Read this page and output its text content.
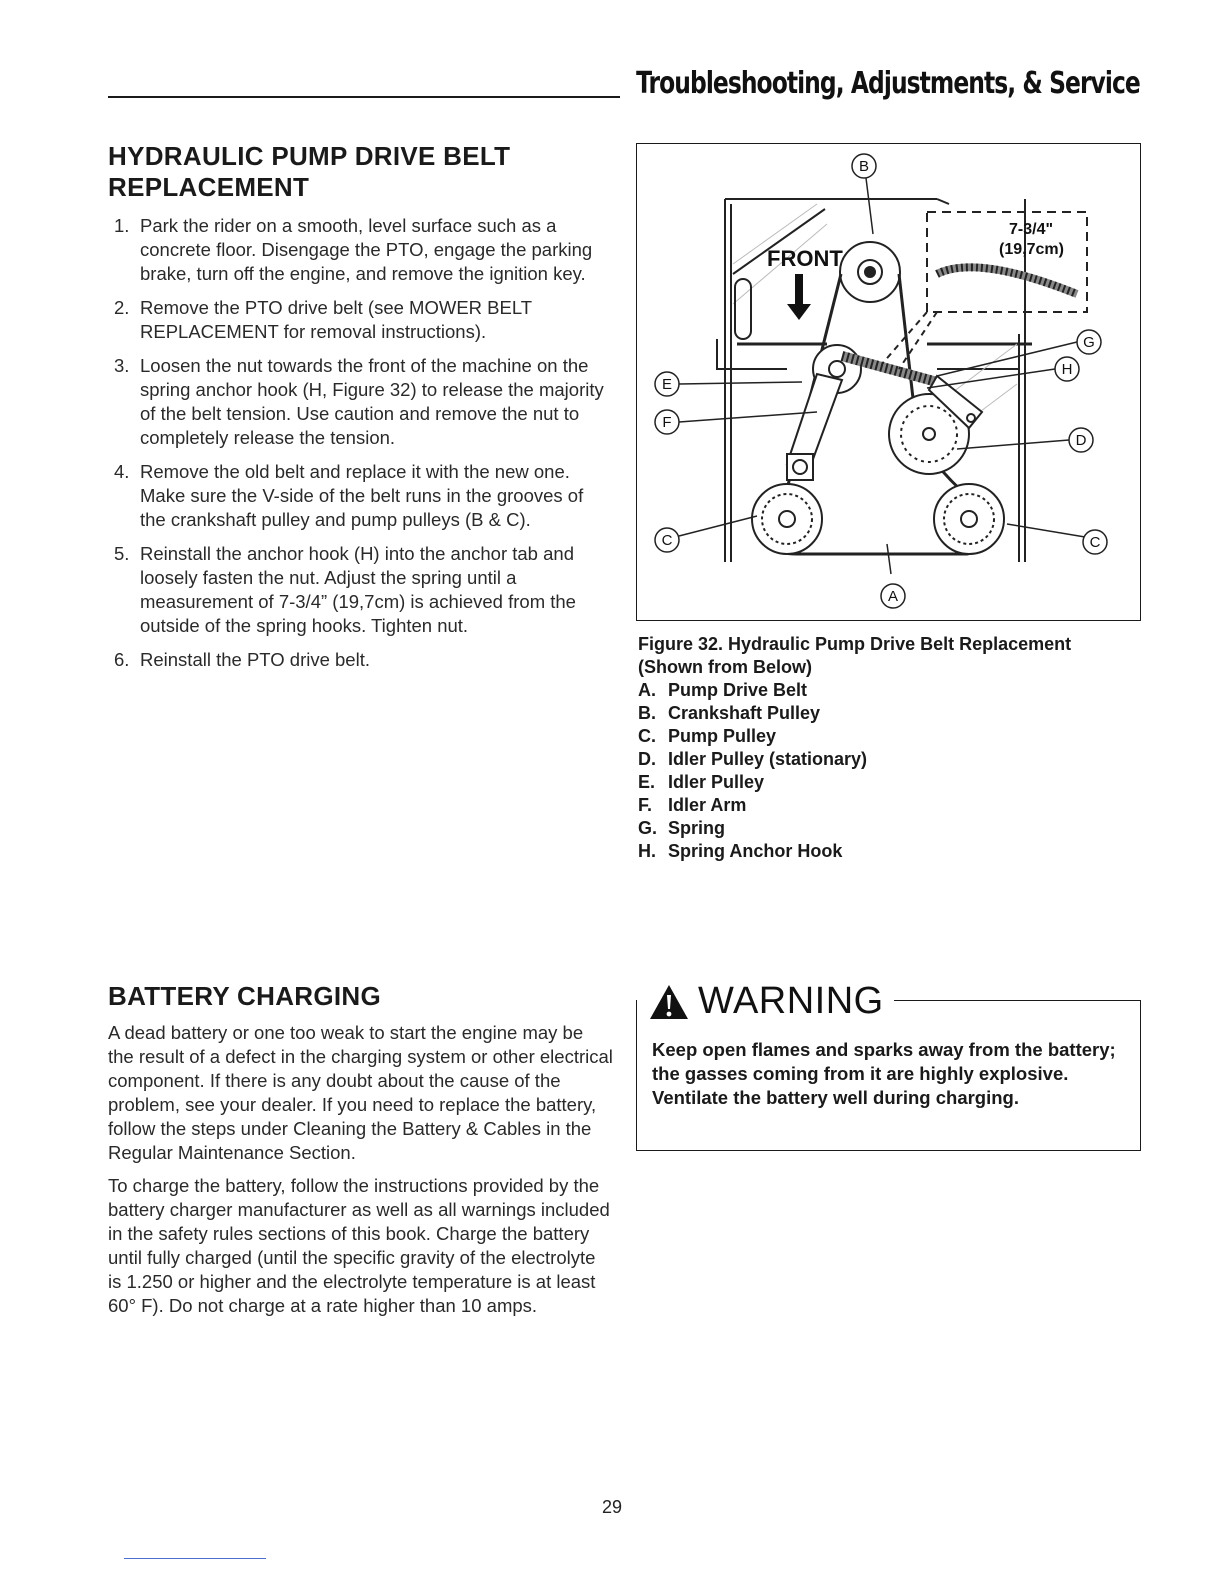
Troubleshooting, Adjustments, & Service
HYDRAULIC PUMP DRIVE BELT REPLACEMENT
1. Park the rider on a smooth, level surface such as a concrete floor. Disengage the PTO, engage the parking brake, turn off the engine, and remove the ignition key.
2. Remove the PTO drive belt (see MOWER BELT REPLACEMENT for removal instructions).
3. Loosen the nut towards the front of the machine on the spring anchor hook (H, Figure 32) to release the majority of the belt tension. Use caution and remove the nut to completely release the tension.
4. Remove the old belt and replace it with the new one. Make sure the V-side of the belt runs in the grooves of the crankshaft pulley and pump pulleys (B & C).
5. Reinstall the anchor hook (H) into the anchor tab and loosely fasten the nut. Adjust the spring until a measurement of 7-3/4” (19,7cm) is achieved from the outside of the spring hooks. Tighten nut.
6. Reinstall the PTO drive belt.
FRONT
7-3/4"
(19,7cm)
B
E
F
C	C
D
H
G
A
Figure 32. Hydraulic Pump Drive Belt Replacement (Shown from Below)
A. Pump Drive Belt
B. Crankshaft Pulley
C. Pump Pulley
D. Idler Pulley (stationary)
E. Idler Pulley
F. Idler Arm
G. Spring
H. Spring Anchor Hook
BATTERY CHARGING

A dead battery or one too weak to start the engine may be the result of a defect in the charging system or other electrical component. If there is any doubt about the cause of the problem, see your dealer. If you need to replace the battery, follow the steps under Cleaning the Battery & Cables in the Regular Maintenance Section.

To charge the battery, follow the instructions provided by the battery charger manufacturer as well as all warnings included in the safety rules sections of this book. Charge the battery until fully charged (until the specific gravity of the electrolyte is 1.250 or higher and the electrolyte temperature is at least 60° F). Do not charge at a rate higher than 10 amps.

WARNING

Keep open flames and sparks away from the battery; the gasses coming from it are highly explosive. Ventilate the battery well during charging.

29
